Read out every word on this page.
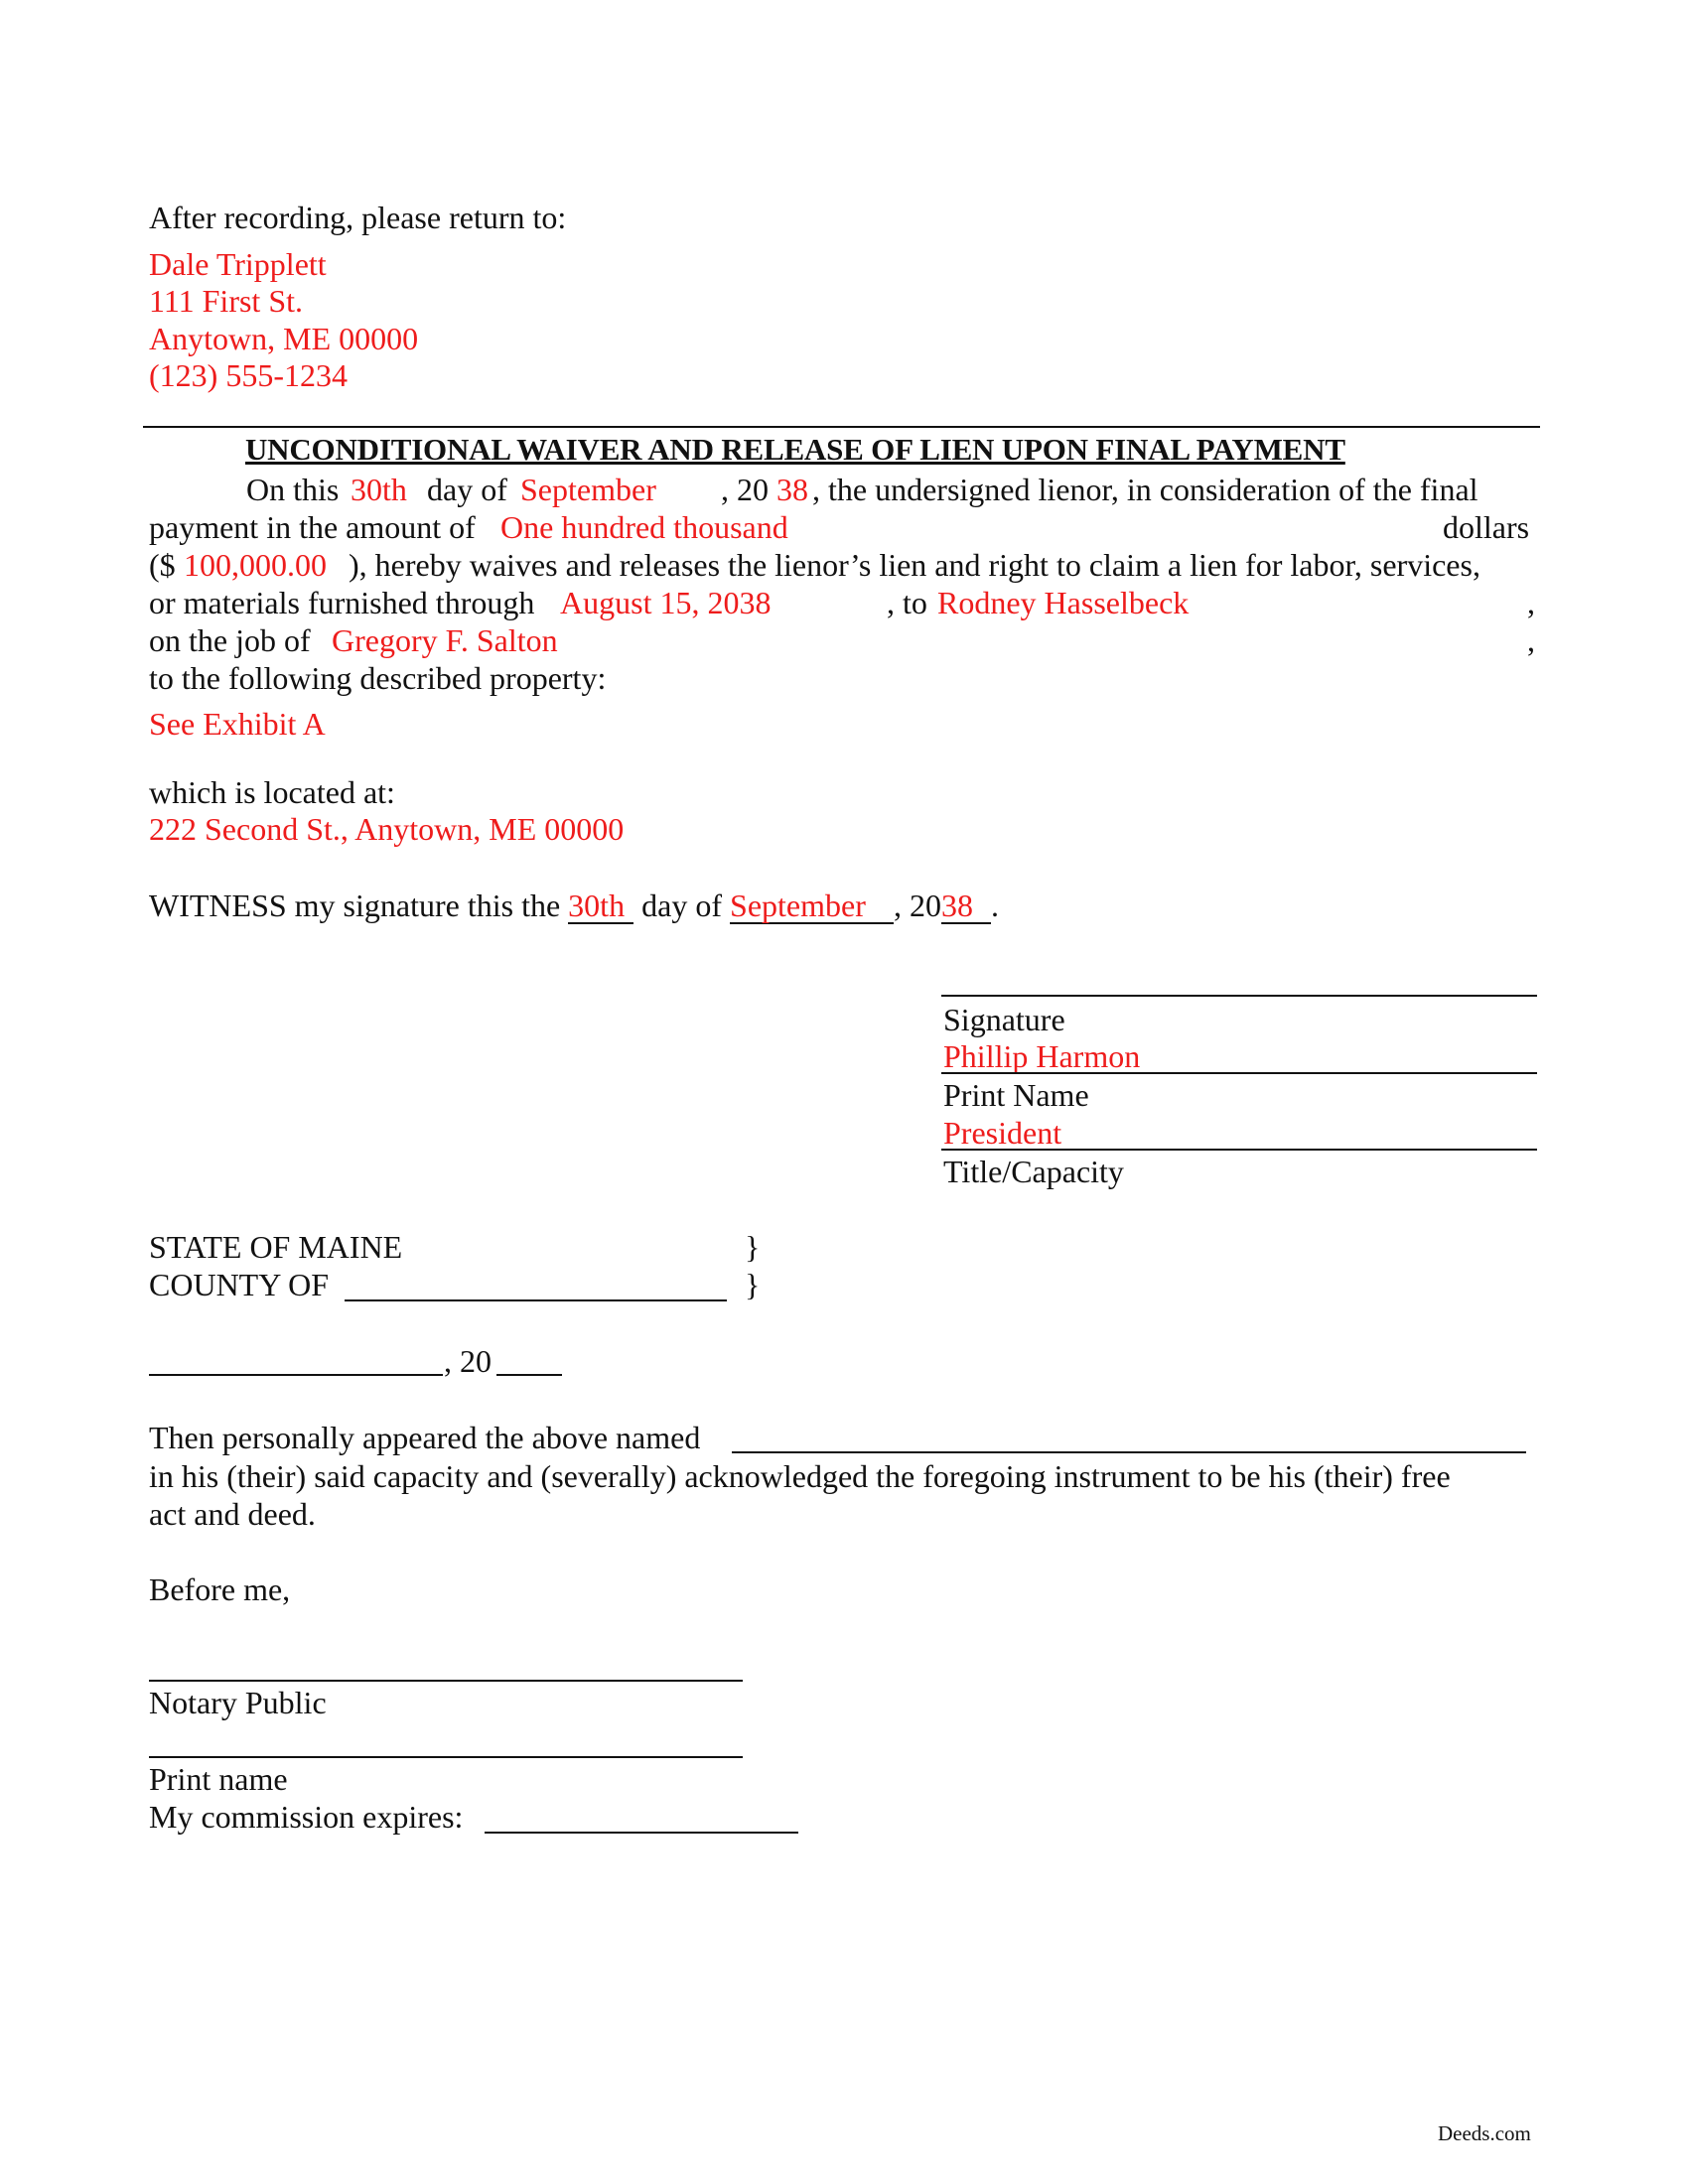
After recording, please return to:
Dale Tripplett
111 First St.
Anytown, ME 00000
(123) 555-1234
UNCONDITIONAL WAIVER AND RELEASE OF LIEN UPON FINAL PAYMENT
On this 30th day of September , 20 38 , the undersigned lienor, in consideration of the final
payment in the amount of One hundred thousand	dollars
($ 100,000.00 ), hereby waives and releases the lienor’s lien and right to claim a lien for labor, services,
or materials furnished through August 15, 2038	, to Rodney Hasselbeck	,
on the job of Gregory F. Salton	,
to the following described property:
See Exhibit A
which is located at:
222 Second St., Anytown, ME 00000
WITNESS my signature this the 30th day of September , 2038 .
Signature
Phillip Harmon
Print Name
President
Title/Capacity
STATE OF MAINE	}
COUNTY OF	}
, 20
Then personally appeared the above named
in his (their) said capacity and (severally) acknowledged the foregoing instrument to be his (their) free
act and deed.
Before me,
Notary Public
Print name
My commission expires:
Deeds.com
